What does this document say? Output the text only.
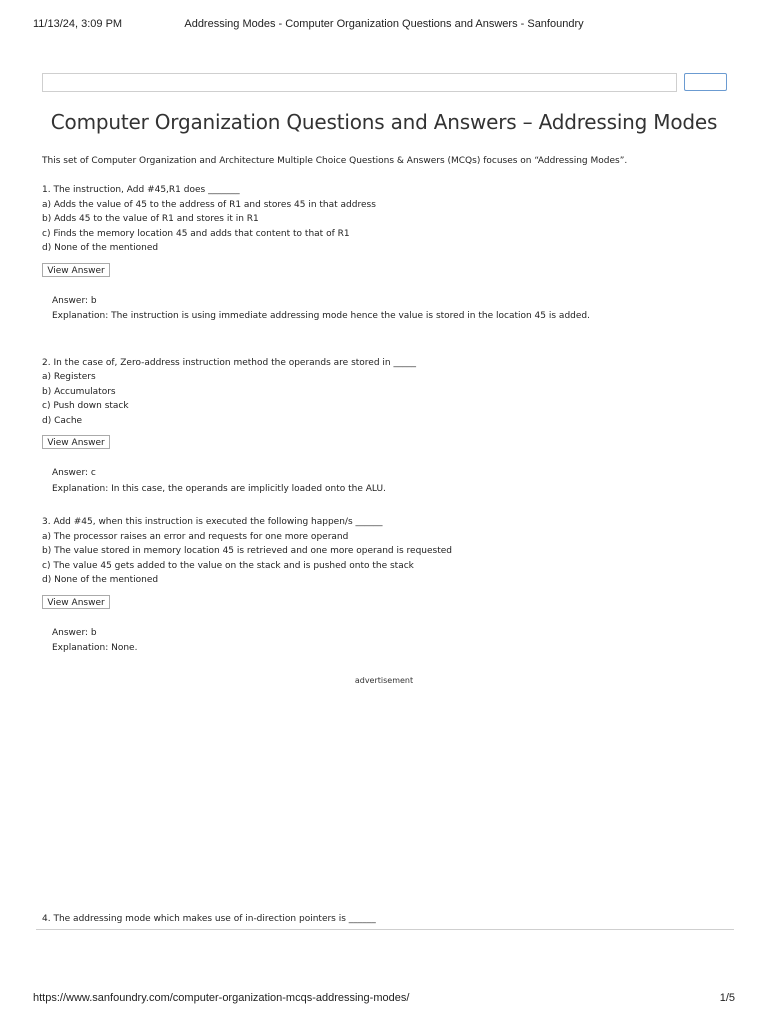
11/13/24, 3:09 PM	Addressing Modes - Computer Organization Questions and Answers - Sanfoundry
Computer Organization Questions and Answers – Addressing Modes
This set of Computer Organization and Architecture Multiple Choice Questions & Answers (MCQs) focuses on “Addressing Modes”.
1. The instruction, Add #45,R1 does _______
a) Adds the value of 45 to the address of R1 and stores 45 in that address
b) Adds 45 to the value of R1 and stores it in R1
c) Finds the memory location 45 and adds that content to that of R1
d) None of the mentioned
View Answer
Answer: b
Explanation: The instruction is using immediate addressing mode hence the value is stored in the location 45 is added.
2. In the case of, Zero-address instruction method the operands are stored in _____
a) Registers
b) Accumulators
c) Push down stack
d) Cache
View Answer
Answer: c
Explanation: In this case, the operands are implicitly loaded onto the ALU.
3. Add #45, when this instruction is executed the following happen/s ______
a) The processor raises an error and requests for one more operand
b) The value stored in memory location 45 is retrieved and one more operand is requested
c) The value 45 gets added to the value on the stack and is pushed onto the stack
d) None of the mentioned
View Answer
Answer: b
Explanation: None.
advertisement
4. The addressing mode which makes use of in-direction pointers is ______
https://www.sanfoundry.com/computer-organization-mcqs-addressing-modes/	1/5
